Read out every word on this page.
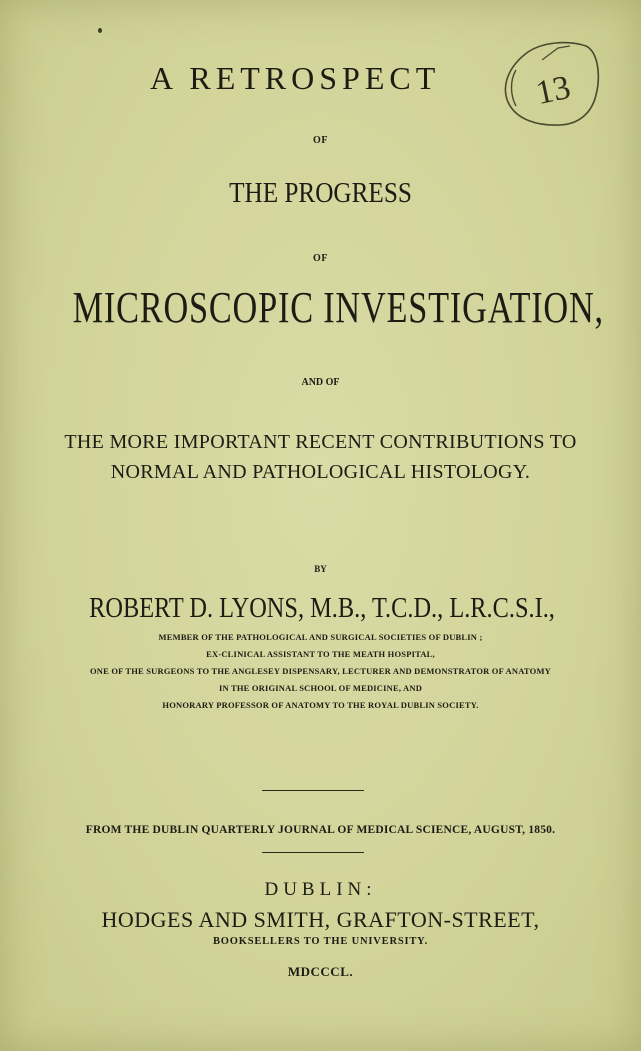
13
A RETROSPECT
OF
THE PROGRESS
OF
MICROSCOPIC INVESTIGATION,
AND OF
THE MORE IMPORTANT RECENT CONTRIBUTIONS TO
NORMAL AND PATHOLOGICAL HISTOLOGY.
BY
ROBERT D. LYONS, M.B., T.C.D., L.R.C.S.I.,
MEMBER OF THE PATHOLOGICAL AND SURGICAL SOCIETIES OF DUBLIN ;
EX-CLINICAL ASSISTANT TO THE MEATH HOSPITAL,
ONE OF THE SURGEONS TO THE ANGLESEY DISPENSARY, LECTURER AND DEMONSTRATOR OF ANATOMY
IN THE ORIGINAL SCHOOL OF MEDICINE, AND
HONORARY PROFESSOR OF ANATOMY TO THE ROYAL DUBLIN SOCIETY.
FROM THE DUBLIN QUARTERLY JOURNAL OF MEDICAL SCIENCE, AUGUST, 1850.
DUBLIN:
HODGES AND SMITH, GRAFTON-STREET,
BOOKSELLERS TO THE UNIVERSITY.
MDCCCL.
